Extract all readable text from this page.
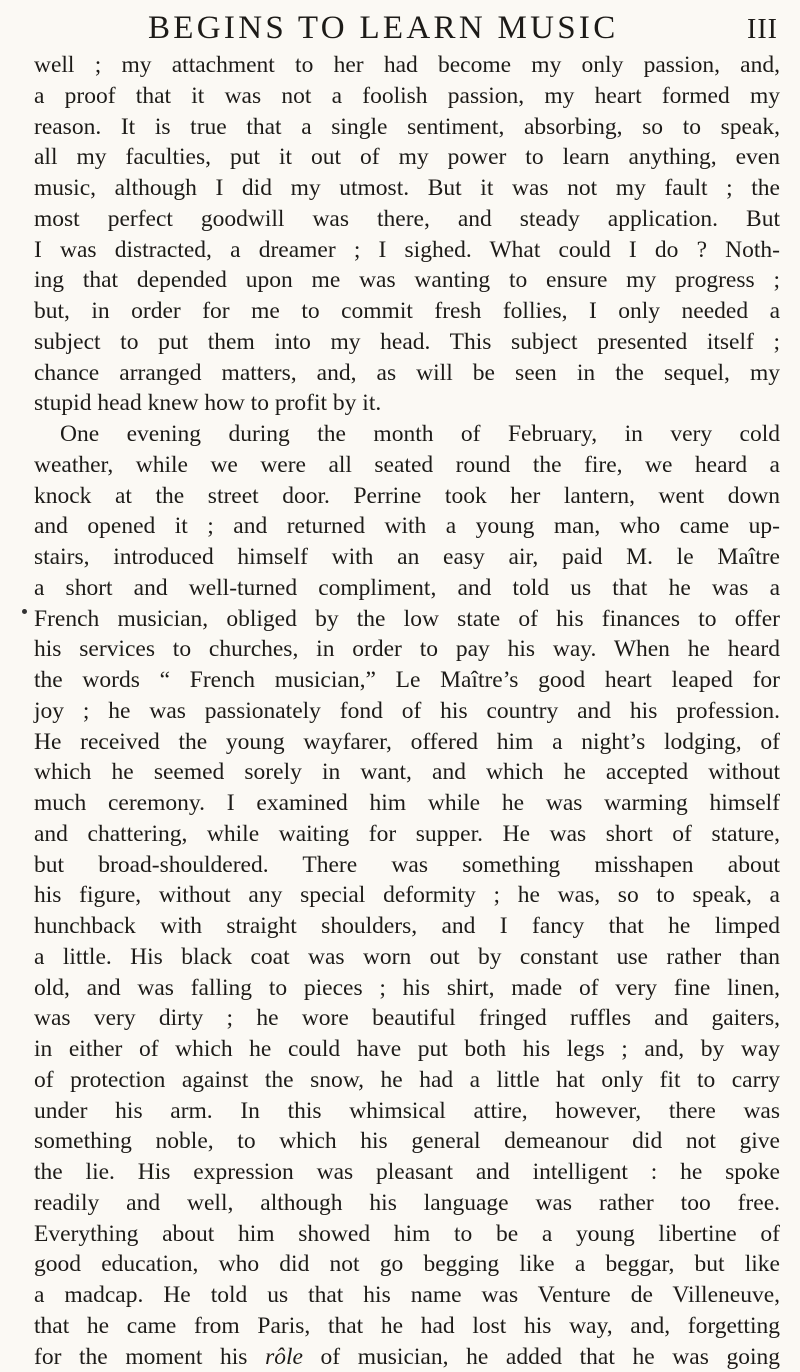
BEGINS TO LEARN MUSIC	III
well ; my attachment to her had become my only passion, and,
a proof that it was not a foolish passion, my heart formed my
reason. It is true that a single sentiment, absorbing, so to speak,
all my faculties, put it out of my power to learn anything, even
music, although I did my utmost. But it was not my fault ; the
most perfect goodwill was there, and steady application. But
I was distracted, a dreamer ; I sighed. What could I do ? Noth-
ing that depended upon me was wanting to ensure my progress ;
but, in order for me to commit fresh follies, I only needed a
subject to put them into my head. This subject presented itself ;
chance arranged matters, and, as will be seen in the sequel, my
stupid head knew how to profit by it.
One evening during the month of February, in very cold
weather, while we were all seated round the fire, we heard a
knock at the street door. Perrine took her lantern, went down
and opened it ; and returned with a young man, who came up-
stairs, introduced himself with an easy air, paid M. le Maître
a short and well-turned compliment, and told us that he was a
French musician, obliged by the low state of his finances to offer
his services to churches, in order to pay his way. When he heard
the words “ French musician,” Le Maître’s good heart leaped for
joy ; he was passionately fond of his country and his profession.
He received the young wayfarer, offered him a night’s lodging, of
which he seemed sorely in want, and which he accepted without
much ceremony. I examined him while he was warming himself
and chattering, while waiting for supper. He was short of stature,
but broad-shouldered. There was something misshapen about
his figure, without any special deformity ; he was, so to speak, a
hunchback with straight shoulders, and I fancy that he limped
a little. His black coat was worn out by constant use rather than
old, and was falling to pieces ; his shirt, made of very fine linen,
was very dirty ; he wore beautiful fringed ruffles and gaiters,
in either of which he could have put both his legs ; and, by way
of protection against the snow, he had a little hat only fit to carry
under his arm. In this whimsical attire, however, there was
something noble, to which his general demeanour did not give
the lie. His expression was pleasant and intelligent : he spoke
readily and well, although his language was rather too free.
Everything about him showed him to be a young libertine of
good education, who did not go begging like a beggar, but like
a madcap. He told us that his name was Venture de Villeneuve,
that he came from Paris, that he had lost his way, and, forgetting
for the moment his rôle of musician, he added that he was going
